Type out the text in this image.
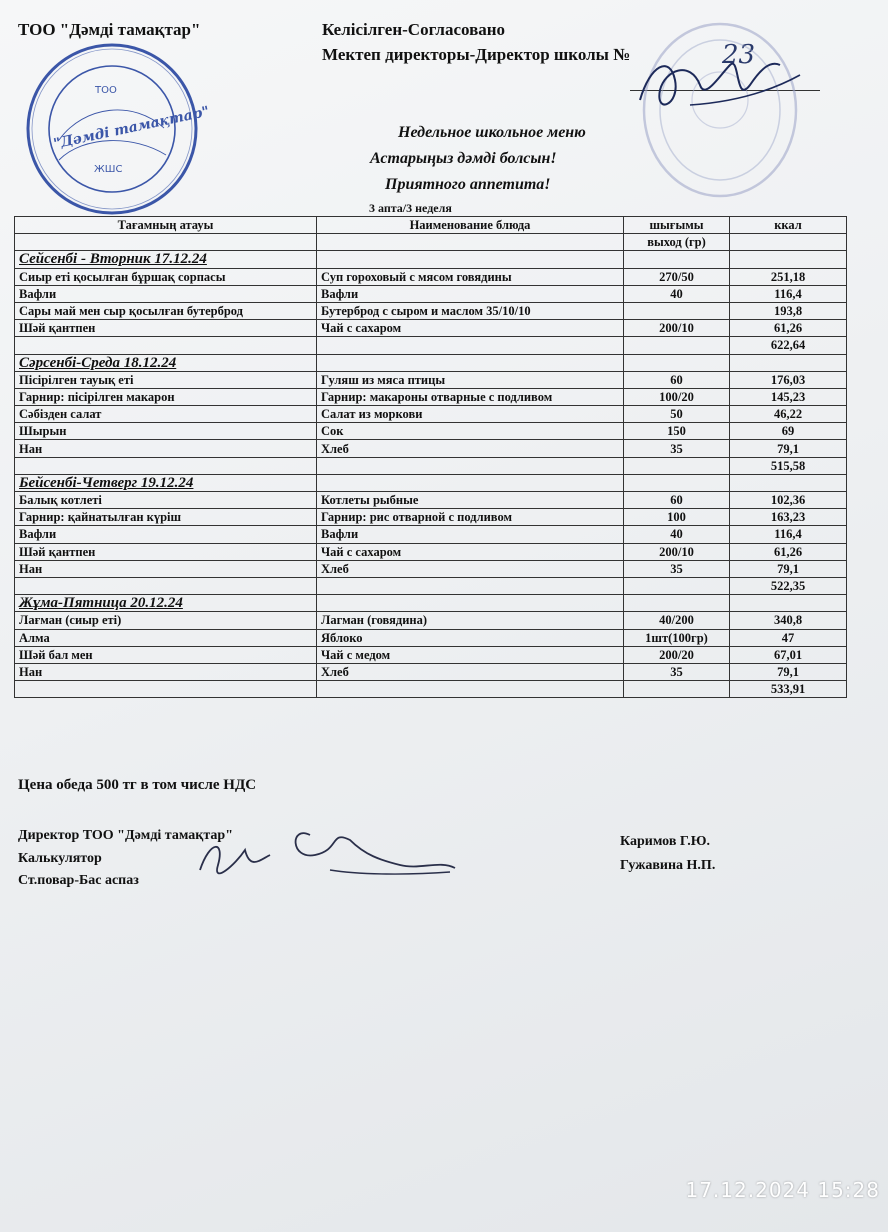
ТОО "Дәмді тамақтар"	Келісілген-Согласовано
Мектеп директоры-Директор школы №	23
ТОО
"Дәмді тамақтар"
ЖШС
Недельное школьное меню
Астарыңыз дәмді болсын!
Приятного аппетита!
3 апта/3 неделя
Тағамның атауы	Наименование блюда	шығымы	ккал
		выход (гр)	
Сейсенбі - Вторник 17.12.24			
Сиыр еті қосылған бұршақ сорпасы	Суп гороховый с мясом говядины	270/50	251,18
Вафли	Вафли	40	116,4
Сары май мен сыр қосылған бутерброд	Бутерброд с сыром и маслом 35/10/10		193,8
Шәй қантпен	Чай с сахаром	200/10	61,26
			622,64
Сәрсенбі-Среда 18.12.24			
Пісірілген тауық еті	Гуляш из мяса птицы	60	176,03
Гарнир: пісірілген макарон	Гарнир: макароны отварные с подливом	100/20	145,23
Сәбізден салат	Салат из моркови	50	46,22
Шырын	Сок	150	69
Нан	Хлеб	35	79,1
			515,58
Бейсенбі-Четверг 19.12.24			
Балық котлеті	Котлеты рыбные	60	102,36
Гарнир: қайнатылған күріш	Гарнир: рис отварной с подливом	100	163,23
Вафли	Вафли	40	116,4
Шәй қантпен	Чай с сахаром	200/10	61,26
Нан	Хлеб	35	79,1
			522,35
Жұма-Пятница 20.12.24			
Лағман (сиыр еті)	Лагман (говядина)	40/200	340,8
Алма	Яблоко	1шт(100гр)	47
Шәй бал мен	Чай с медом	200/20	67,01
Нан	Хлеб	35	79,1
			533,91
Цена обеда 500 тг в том числе НДС
Директор ТОО "Дәмді тамақтар"
Калькулятор
Ст.повар-Бас аспаз
Каримов Г.Ю.
Гужавина Н.П.
17.12.2024 15:28
